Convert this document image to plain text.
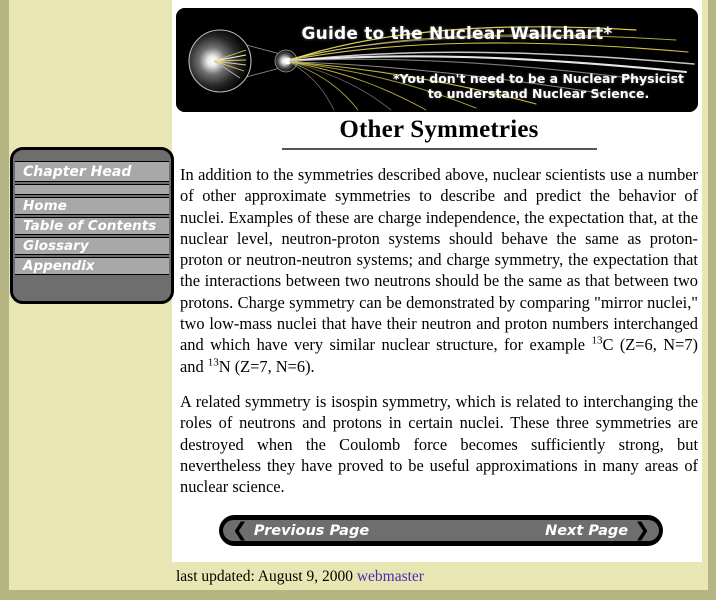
Guide to the Nuclear Wallchart*
*You don't need to be a Nuclear Physicist
to understand Nuclear Science.
Chapter Head
Home
Table of Contents
Glossary
Appendix
Other Symmetries

In addition to the symmetries described above, nuclear scientists use a number of other approximate symmetries to describe and predict the behavior of nuclei. Examples of these are charge independence, the expectation that, at the nuclear level, neutron-proton systems should behave the same as proton-proton or neutron-neutron systems; and charge symmetry, the expectation that the interactions between two neutrons should be the same as that between two protons. Charge symmetry can be demonstrated by comparing "mirror nuclei," two low-mass nuclei that have their neutron and proton numbers interchanged and which have very similar nuclear structure, for example $^{13}$C (Z=6, N=7) and $^{13}$N (Z=7, N=6).

A related symmetry is isospin symmetry, which is related to interchanging the roles of neutrons and protons in certain nuclei. These three symmetries are destroyed when the Coulomb force becomes sufficiently strong, but nevertheless they have proved to be useful approximations in many areas of nuclear science.

❮ Previous Page	Next Page ❯
last updated: August 9, 2000 webmaster
